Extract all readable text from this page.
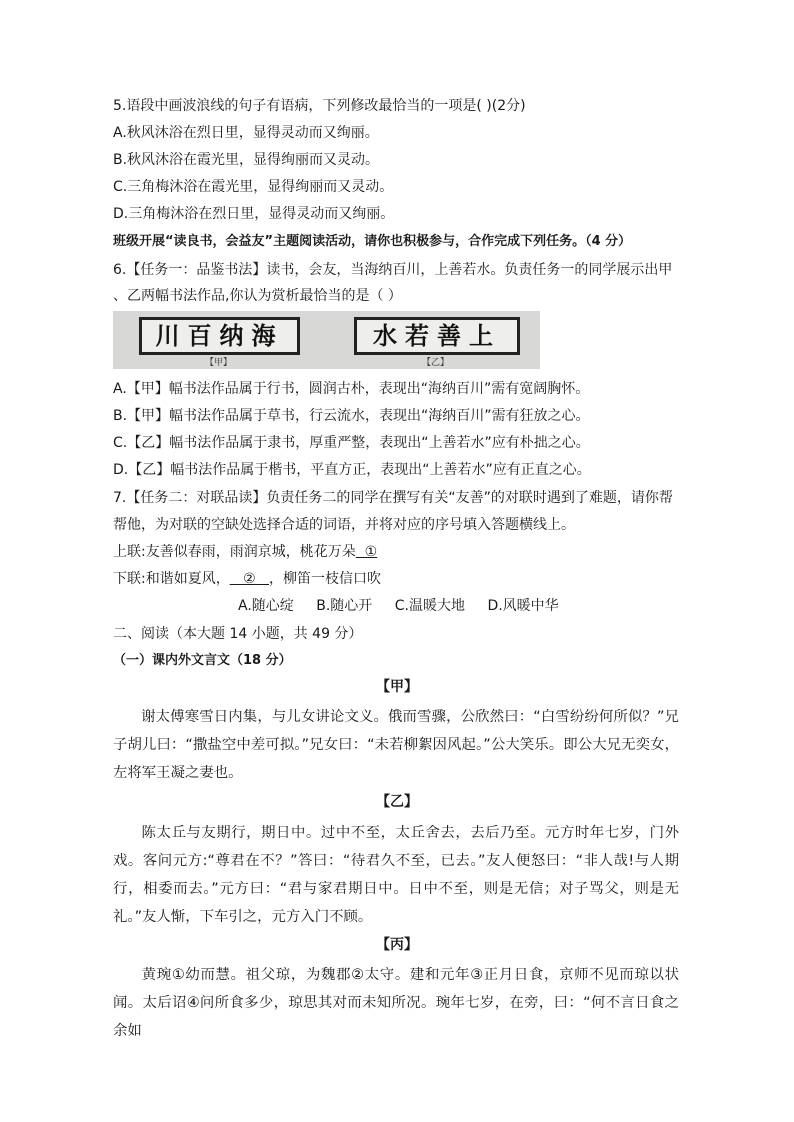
5.语段中画波浪线的句子有语病，下列修改最恰当的一项是( )(2分)
A.秋风沐浴在烈日里，显得灵动而又绚丽。
B.秋风沐浴在霞光里，显得绚丽而又灵动。
C.三角梅沐浴在霞光里，显得绚丽而又灵动。
D.三角梅沐浴在烈日里，显得灵动而又绚丽。
班级开展“读良书，会益友”主题阅读活动，请你也积极参与，合作完成下列任务。（4 分）
6.【任务一：品鉴书法】读书，会友，当海纳百川，上善若水。负责任务一的同学展示出甲
、乙两幅书法作品,你认为赏析最恰当的是（ ）
川百纳海
【甲】
水若善上
【乙】
A.【甲】幅书法作品属于行书，圆润古朴，表现出“海纳百川”需有宽阔胸怀。
B.【甲】幅书法作品属于草书，行云流水，表现出“海纳百川”需有狂放之心。
C.【乙】幅书法作品属于隶书，厚重严整，表现出“上善若水”应有朴拙之心。
D.【乙】幅书法作品属于楷书，平直方正，表现出“上善若水”应有正直之心。
7.【任务二：对联品读】负责任务二的同学在撰写有关“友善”的对联时遇到了难题，请你帮
帮他，为对联的空缺处选择合适的词语，并将对应的序号填入答题横线上。
上联:友善似春雨，雨润京城，桃花万朵 ①
下联:和谐如夏风， ② ，柳笛一枝信口吹
A.随心绽 B.随心开 C.温暖大地 D.风暖中华
二、阅读（本大题 14 小题，共 49 分）
（一）课内外文言文（18 分）
【甲】
谢太傅寒雪日内集，与儿女讲论文义。俄而雪骤，公欣然曰：“白雪纷纷何所似？”兄子胡儿曰：“撒盐空中差可拟。”兄女曰：“未若柳絮因风起。”公大笑乐。即公大兄无奕女，左将军王凝之妻也。
【乙】
陈太丘与友期行，期日中。过中不至，太丘舍去，去后乃至。元方时年七岁，门外戏。客问元方:“尊君在不？”答曰：“待君久不至，已去。”友人便怒曰：“非人哉!与人期行，相委而去。”元方曰：“君与家君期日中。日中不至，则是无信；对子骂父，则是无礼。”友人惭，下车引之，元方入门不顾。
【丙】
黄琬①幼而慧。祖父琼，为魏郡②太守。建和元年③正月日食，京师不见而琼以状闻。太后诏④问所食多少，琼思其对而未知所况。琬年七岁，在旁，曰：“何不言日食之余如
